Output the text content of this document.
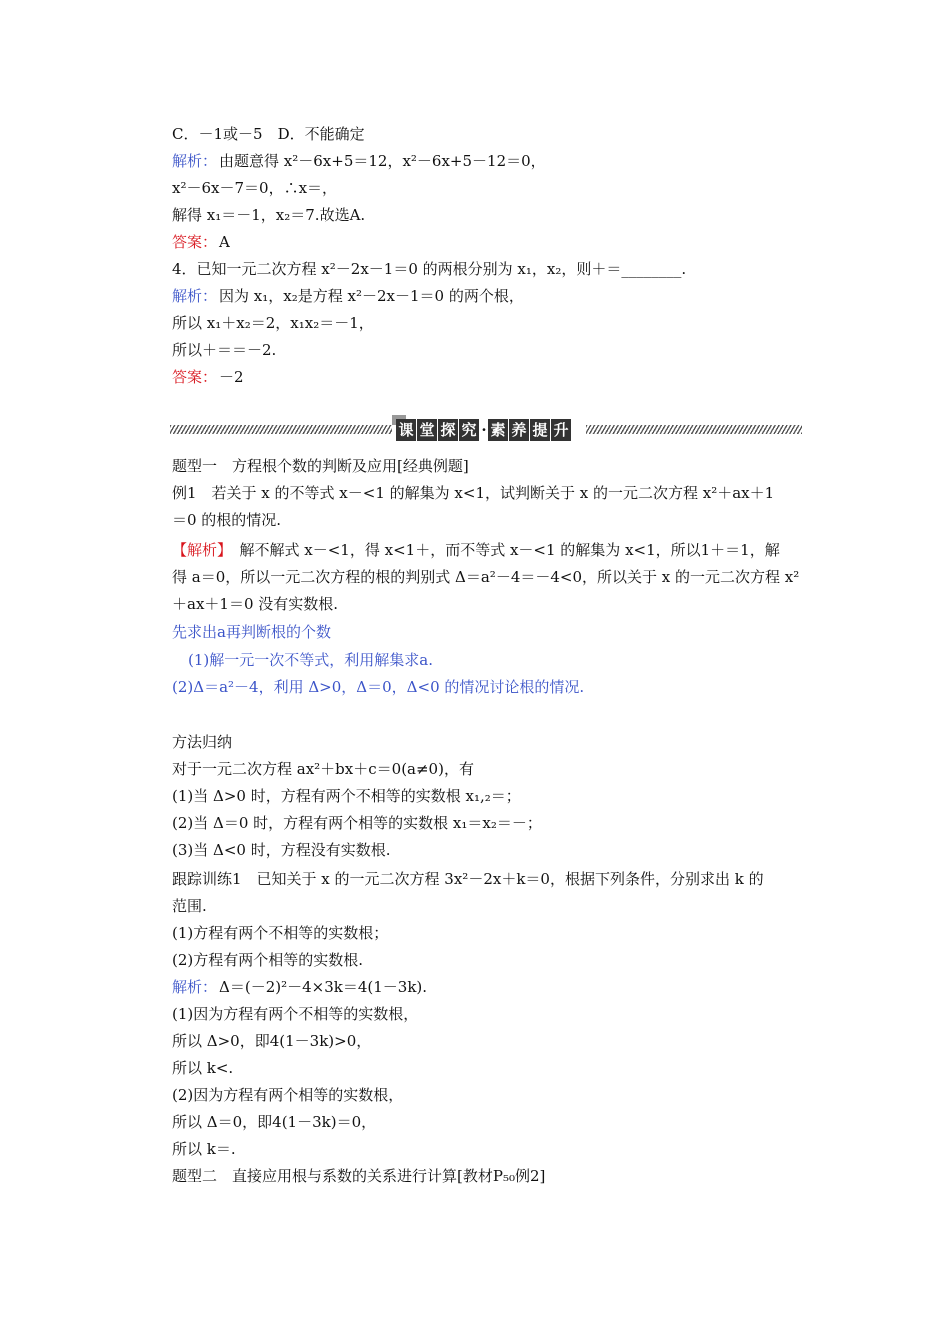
C．－1或－5　D．不能确定
解析： 由题意得 x²－6x+5＝12，x²－6x+5－12＝0，
x²－6x－7＝0，∴x＝，
解得 x₁＝－1，x₂＝7.故选A.
答案： A
4．已知一元二次方程 x²－2x－1＝0 的两根分别为 x₁，x₂，则＋＝________.
解析： 因为 x₁，x₂是方程 x²－2x－1＝0 的两个根，
所以 x₁＋x₂＝2，x₁x₂＝－1，
所以＋＝＝－2.
答案： －2
课 堂 探 究 · 素 养 提 升
题型一　方程根个数的判断及应用[经典例题]
例1　若关于 x 的不等式 x－<1 的解集为 x<1，试判断关于 x 的一元二次方程 x²＋ax＋1
＝0 的根的情况.
【解析】　解不解式 x－<1，得 x<1＋，而不等式 x－<1 的解集为 x<1，所以1＋＝1，解
得 a＝0，所以一元二次方程的根的判别式 Δ＝a²－4＝－4<0，所以关于 x 的一元二次方程 x²
＋ax＋1＝0 没有实数根.
先求出a再判断根的个数
(1)解一元一次不等式，利用解集求a.
(2)Δ＝a²－4，利用 Δ>0，Δ＝0，Δ<0 的情况讨论根的情况.
方法归纳
对于一元二次方程 ax²＋bx＋c＝0(a≠0)，有
(1)当 Δ>0 时，方程有两个不相等的实数根 x₁,₂＝；
(2)当 Δ＝0 时，方程有两个相等的实数根 x₁＝x₂＝－；
(3)当 Δ<0 时，方程没有实数根.
跟踪训练1　已知关于 x 的一元二次方程 3x²－2x＋k＝0，根据下列条件，分别求出 k 的
范围.
(1)方程有两个不相等的实数根；
(2)方程有两个相等的实数根.
解析： Δ＝(－2)²－4×3k＝4(1－3k).
(1)因为方程有两个不相等的实数根，
所以 Δ>0，即4(1－3k)>0，
所以 k<.
(2)因为方程有两个相等的实数根，
所以 Δ＝0，即4(1－3k)＝0，
所以 k＝.
题型二　直接应用根与系数的关系进行计算[教材P₅₀例2]
